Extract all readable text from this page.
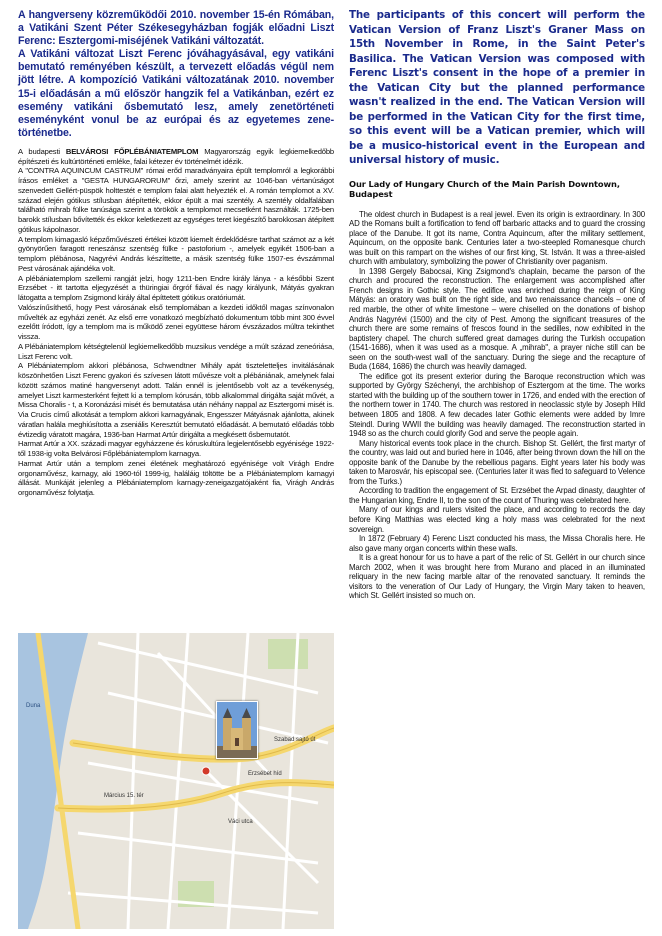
A hangverseny közreműködői 2010. november 15-én Rómában, a Vatikáni Szent Péter Székesegyházban fogják előadni Liszt Ferenc: Esztergomi-miséjének Vatikáni változatát.

A Vatikáni változat Liszt Ferenc jóváhagyásával, egy vatikáni bemutató reményében készült, a tervezett előadás végül nem jött létre. A kompozíció Vatikáni változatának 2010. november 15-i előadásán a mű először hangzik fel a Vatikánban, ezért ez esemény vatikáni ősbemutató lesz, amely zenetörténeti eseményként vonul be az európai és az egyetemes zene-történetbe.

A budapesti BELVÁROSI FŐPLÉBÁNIATEMPLOM Magyarország egyik legkiemelkedőbb építészeti és kultúrtörténeti emléke, falai kétezer év történelmét idézik.

A "CONTRA AQUINCUM CASTRUM" római erőd maradványaira épült templomról a legkorábbi írásos emléket a "GESTA HUNGARORUM" őrzi, amely szerint az 1046-ban vértanúságot szenvedett Gellért-püspök holttestét e templom falai alatt helyezték el. A román templomot a XV. század elején gótikus stílusban átépítették, ekkor épült a mai szentély. A szentély oldalfalában található mihrab fülke tanúsága szerint a törökök a templomot mecsetként használták. 1725-ben barokk stílusban bővítették és ekkor keletkezett az egységes teret kiegészítő barokkosan átépített gótikus kápolnasor.

A templom kimagasló képzőművészeti értékei között kiemelt érdeklődésre tarthat számot az a két gyönyörűen faragott reneszánsz szentség fülke - pastoforium -, amelyek egyikét 1506-ban a templom plébánosa, Nagyrévi András készíttette, a másik szentség fülke 1507-es évszámmal Pest városának ajándéka volt.

A plébániatemplom szellemi rangját jelzi, hogy 1211-ben Endre király lánya - a későbbi Szent Erzsébet - itt tartotta eljegyzését a thüringiai őrgróf fiával és nagy királyunk, Mátyás gyakran látogatta a templom Zsigmond király által építtetett gótikus oratóriumát.

Valószínűsíthető, hogy Pest városának első templomában a kezdeti időktől magas színvonalon művelték az egyházi zenét. Az első erre vonatkozó megbízható dokumentum több mint 300 évvel ezelőtt íródott, így a templom ma is működő zenei együttese három évszázados múltra tekinthet vissza.

A Plébániatemplom kétségtelenül legkiemelkedőbb muzsikus vendége a múlt század zeneóriása, Liszt Ferenc volt.

A Plébániatemplom akkori plébánosa, Schwendtner Mihály apát tiszteletteljes invitálásának köszönhetően Liszt Ferenc gyakori és szívesen látott művésze volt a plébániának, amelynek falai között számos matiné hangversenyt adott. Talán ennél is jelentősebb volt az a tevékenység, amelyet Liszt karmesterként fejtett ki a templom kórusán, több alkalommal dirigálta saját művét, a Missa Choralis - t, a Koronázási misét és bemutatása után néhány nappal az Esztergomi misét is. Via Crucis című alkotását a templom akkori karnagyának, Engesszer Mátyásnak ajánlotta, akinek váratlan halála meghiúsította a zseniális Keresztút bemutató előadását. A bemutató előadás több évtizedig váratott magára, 1936-ban Harmat Artúr dirigálta a megkésett ősbemutatót.

Harmat Artúr a XX. századi magyar egyházzene és kóruskultúra legjelentősebb egyénisége 1922-től 1938-ig volta Belvárosi Főplébániatemplom karnagya.

Harmat Artúr után a templom zenei életének meghatározó egyénisége volt Virágh Endre orgonaművész, karnagy, aki 1960-tól 1999-ig, haláláig töltötte be a Plébániatemplom karnagyi állását. Munkáját jelenleg a Plébániatemplom karnagy-zeneigazgatójaként fia, Virágh András orgonaművész folytatja.

Szabad sajtó út
Március 15. tér
Erzsébet híd
Váci utca
Duna

The participants of this concert will perform the Vatican Version of Franz Liszt's Graner Mass on 15th November in Rome, in the Saint Peter's Basilica. The Vatican Version was composed with Ferenc Liszt's consent in the hope of a premier in the Vatican City but the planned performance wasn't realized in the end. The Vatican Version will be performed in the Vatican City for the first time, so this event will be a Vatican premier, which will be a musico-historical event in the European and universal history of music.

Our Lady of Hungary Church of the Main Parish Downtown, Budapest

The oldest church in Budapest is a real jewel. Even its origin is extraordinary. In 300 AD the Romans built a fortification to fend off barbaric attacks and to guard the crossing place of the Danube. It got its name, Contra Aquincum, after the military settlement, Aquincum, on the opposite bank. Centuries later a two-steepled Romanesque church was built on this rampart on the wishes of our first king, St. István. It was a three-aisled church with ambulatory, symbolizing the power of Christianity over paganism.

In 1398 Gergely Babocsai, King Zsigmond's chaplain, became the parson of the church and procured the reconstruction. The enlargement was accomplished after French designs in Gothic style. The edifice was enriched during the reign of King Mátyás: an oratory was built on the right side, and two renaissance chancels – one of red marble, the other of white limestone – were chiselled on the donations of bishop András Nagyrévi (1500) and the city of Pest. Among the significant treasures of the church there are some remains of frescos found in the sedilles, now exhibited in the baptistery chapel. The church suffered great damages during the Turkish occupation (1541-1686), when it was used as a mosque. A „mihrab", a prayer niche still can be seen on the south-west wall of the sanctuary. During the siege and the recapture of Buda (1684, 1686) the church was heavily damaged.

The edifice got its present exterior during the Baroque reconstruction which was supported by György Széchenyi, the archbishop of Esztergom at the time. The works started with the building up of the southern tower in 1726, and ended with the erection of the northern tower in 1740. The church was restored in neoclassic style by Joseph Hild between 1805 and 1808. A few decades later Gothic elements were added by Imre Steindl. During WWII the building was heavily damaged. The reconstruction started in 1948 so as the church could glorify God and serve the people again.

Many historical events took place in the church. Bishop St. Gellért, the first martyr of the country, was laid out and buried here in 1046, after being thrown down the hill on the opposite bank of the Danube by the rebellious pagans. Eight years later his body was taken to Marosvár, his episcopal see. (Centuries later it was fled to safeguard to Velence from the Turks.)

According to tradition the engagement of St. Erzsébet the Arpad dinasty, daughter of the Hungarian king, Endre II, to the son of the count of Thuring was celebrated here.

Many of our kings and rulers visited the place, and according to records the day before King Matthias was elected king a holy mass was celebrated for the next sovereign.

In 1872 (February 4) Ferenc Liszt conducted his mass, the Missa Choralis here. He also gave many organ concerts within these walls.

It is a great honour for us to have a part of the relic of St. Gellért in our church since March 2002, when it was brought here from Murano and placed in an illuminated reliquary in the new facing marble altar of the renovated sanctuary. It reminds the visitors to the veneration of Our Lady of Hungary, the Virgin Mary taken to heaven, which St. Gellért insisted so much on.
